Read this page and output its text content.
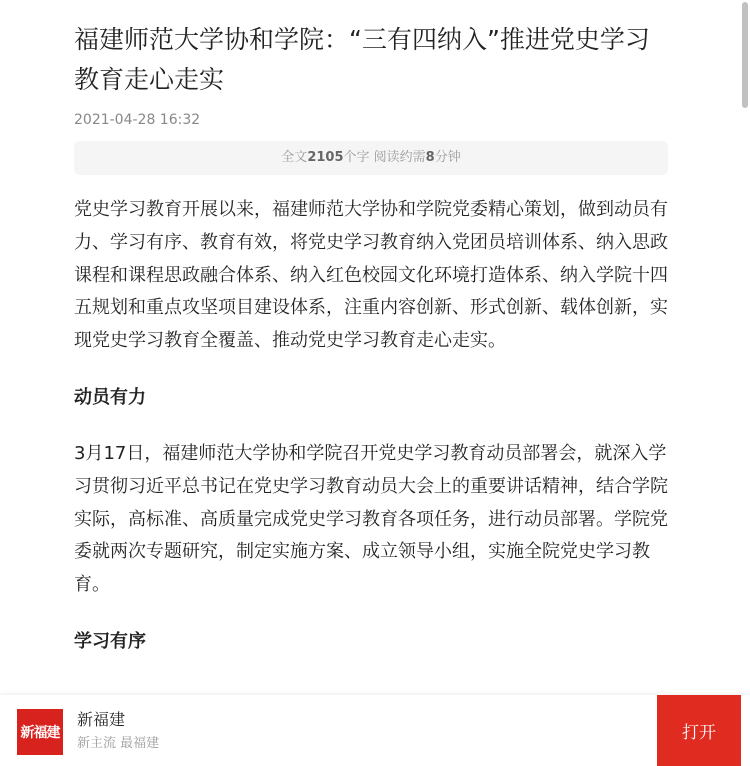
福建师范大学协和学院：“三有四纳入”推进党史学习教育走心走实
2021-04-28 16:32
全文2105个字 阅读约需8分钟
党史学习教育开展以来，福建师范大学协和学院党委精心策划，做到动员有力、学习有序、教育有效，将党史学习教育纳入党团员培训体系、纳入思政课程和课程思政融合体系、纳入红色校园文化环境打造体系、纳入学院十四五规划和重点攻坚项目建设体系，注重内容创新、形式创新、载体创新，实现党史学习教育全覆盖、推动党史学习教育走心走实。
动员有力
3月17日，福建师范大学协和学院召开党史学习教育动员部署会，就深入学习贯彻习近平总书记在党史学习教育动员大会上的重要讲话精神，结合学院实际，高标准、高质量完成党史学习教育各项任务，进行动员部署。学院党委就两次专题研究，制定实施方案、成立领导小组，实施全院党史学习教育。
学习有序
新福建
新福建
新主流 最福建
打开
